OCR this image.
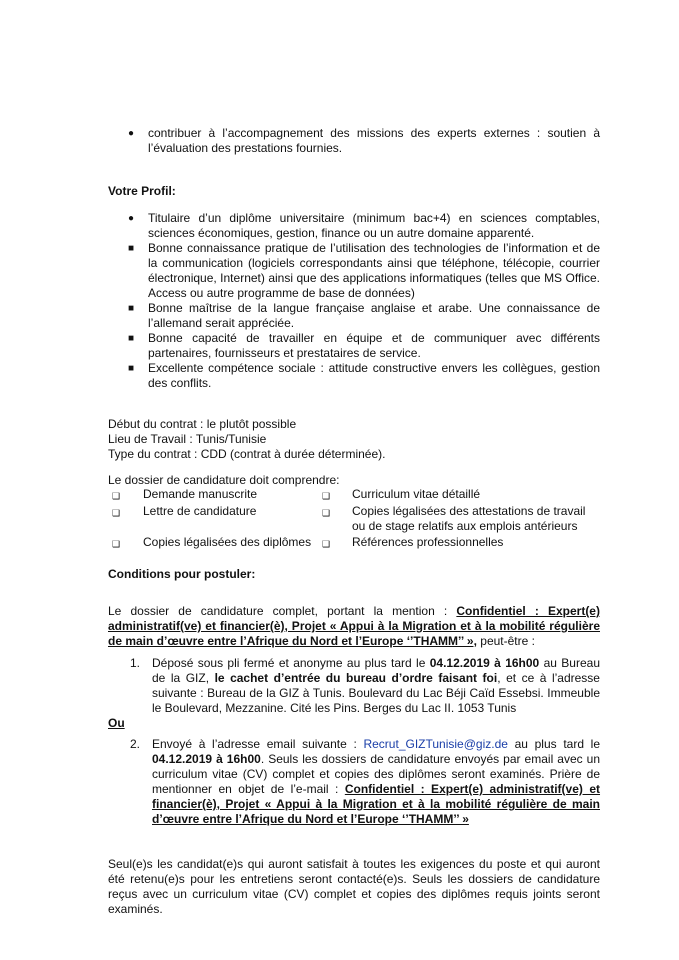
● contribuer à l’accompagnement des missions des experts externes : soutien à l’évaluation des prestations fournies.
Votre Profil:
● Titulaire d’un diplôme universitaire (minimum bac+4) en sciences comptables, sciences économiques, gestion, finance ou un autre domaine apparenté.
■ Bonne connaissance pratique de l’utilisation des technologies de l’information et de la communication (logiciels correspondants ainsi que téléphone, télécopie, courrier électronique, Internet) ainsi que des applications informatiques (telles que MS Office. Access ou autre programme de base de données)
■ Bonne maîtrise de la langue française anglaise et arabe. Une connaissance de l’allemand serait appréciée.
■ Bonne capacité de travailler en équipe et de communiquer avec différents partenaires, fournisseurs et prestataires de service.
■ Excellente compétence sociale : attitude constructive envers les collègues, gestion des conflits.
Début du contrat : le plutôt possible
Lieu de Travail : Tunis/Tunisie
Type du contrat : CDD (contrat à durée déterminée).
Le dossier de candidature doit comprendre:
❑ Demande manuscrite	❑ Curriculum vitae détaillé
❑ Lettre de candidature	❑ Copies légalisées des attestations de travail ou de stage relatifs aux emplois antérieurs
❑ Copies légalisées des diplômes ❑ Références professionnelles
Conditions pour postuler:
Le dossier de candidature complet, portant la mention : Confidentiel : Expert(e) administratif(ve) et financier(è), Projet « Appui à la Migration et à la mobilité régulière de main d’œuvre entre l’Afrique du Nord et l’Europe ‘’THAMM’’ », peut-être :
1. Déposé sous pli fermé et anonyme au plus tard le 04.12.2019 à 16h00 au Bureau de la GIZ, le cachet d’entrée du bureau d’ordre faisant foi, et ce à l’adresse suivante : Bureau de la GIZ à Tunis. Boulevard du Lac Béji Caïd Essebsi. Immeuble le Boulevard, Mezzanine. Cité les Pins. Berges du Lac II. 1053 Tunis
Ou
2. Envoyé à l’adresse email suivante : Recrut_GIZTunisie@giz.de au plus tard le 04.12.2019 à 16h00. Seuls les dossiers de candidature envoyés par email avec un curriculum vitae (CV) complet et copies des diplômes seront examinés. Prière de mentionner en objet de l’e-mail : Confidentiel : Expert(e) administratif(ve) et financier(è), Projet « Appui à la Migration et à la mobilité régulière de main d’œuvre entre l’Afrique du Nord et l’Europe ‘’THAMM’’ »
Seul(e)s les candidat(e)s qui auront satisfait à toutes les exigences du poste et qui auront été retenu(e)s pour les entretiens seront contacté(e)s. Seuls les dossiers de candidature reçus avec un curriculum vitae (CV) complet et copies des diplômes requis joints seront examinés.
